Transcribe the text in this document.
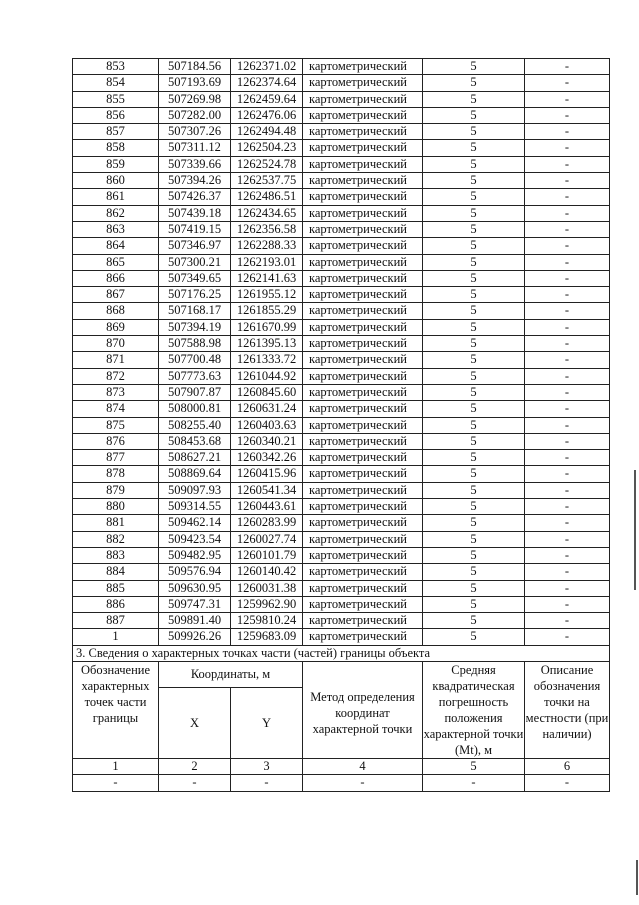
853	507184.56	1262371.02	картометрический	5	-
854	507193.69	1262374.64	картометрический	5	-
855	507269.98	1262459.64	картометрический	5	-
856	507282.00	1262476.06	картометрический	5	-
857	507307.26	1262494.48	картометрический	5	-
858	507311.12	1262504.23	картометрический	5	-
859	507339.66	1262524.78	картометрический	5	-
860	507394.26	1262537.75	картометрический	5	-
861	507426.37	1262486.51	картометрический	5	-
862	507439.18	1262434.65	картометрический	5	-
863	507419.15	1262356.58	картометрический	5	-
864	507346.97	1262288.33	картометрический	5	-
865	507300.21	1262193.01	картометрический	5	-
866	507349.65	1262141.63	картометрический	5	-
867	507176.25	1261955.12	картометрический	5	-
868	507168.17	1261855.29	картометрический	5	-
869	507394.19	1261670.99	картометрический	5	-
870	507588.98	1261395.13	картометрический	5	-
871	507700.48	1261333.72	картометрический	5	-
872	507773.63	1261044.92	картометрический	5	-
873	507907.87	1260845.60	картометрический	5	-
874	508000.81	1260631.24	картометрический	5	-
875	508255.40	1260403.63	картометрический	5	-
876	508453.68	1260340.21	картометрический	5	-
877	508627.21	1260342.26	картометрический	5	-
878	508869.64	1260415.96	картометрический	5	-
879	509097.93	1260541.34	картометрический	5	-
880	509314.55	1260443.61	картометрический	5	-
881	509462.14	1260283.99	картометрический	5	-
882	509423.54	1260027.74	картометрический	5	-
883	509482.95	1260101.79	картометрический	5	-
884	509576.94	1260140.42	картометрический	5	-
885	509630.95	1260031.38	картометрический	5	-
886	509747.31	1259962.90	картометрический	5	-
887	509891.40	1259810.24	картометрический	5	-
1	509926.26	1259683.09	картометрический	5	-
3. Сведения о характерных точках части (частей) границы объекта					
Обозначение характерных точек части границы	Координаты, м		Метод определения координат характерной точки	Средняя квадратическая погрешность положения характерной точки (Mt), м	Описание обозначения точки на местности (при наличии)
	X	Y			
1	2	3	4	5	6
-	-	-	-	-	-
